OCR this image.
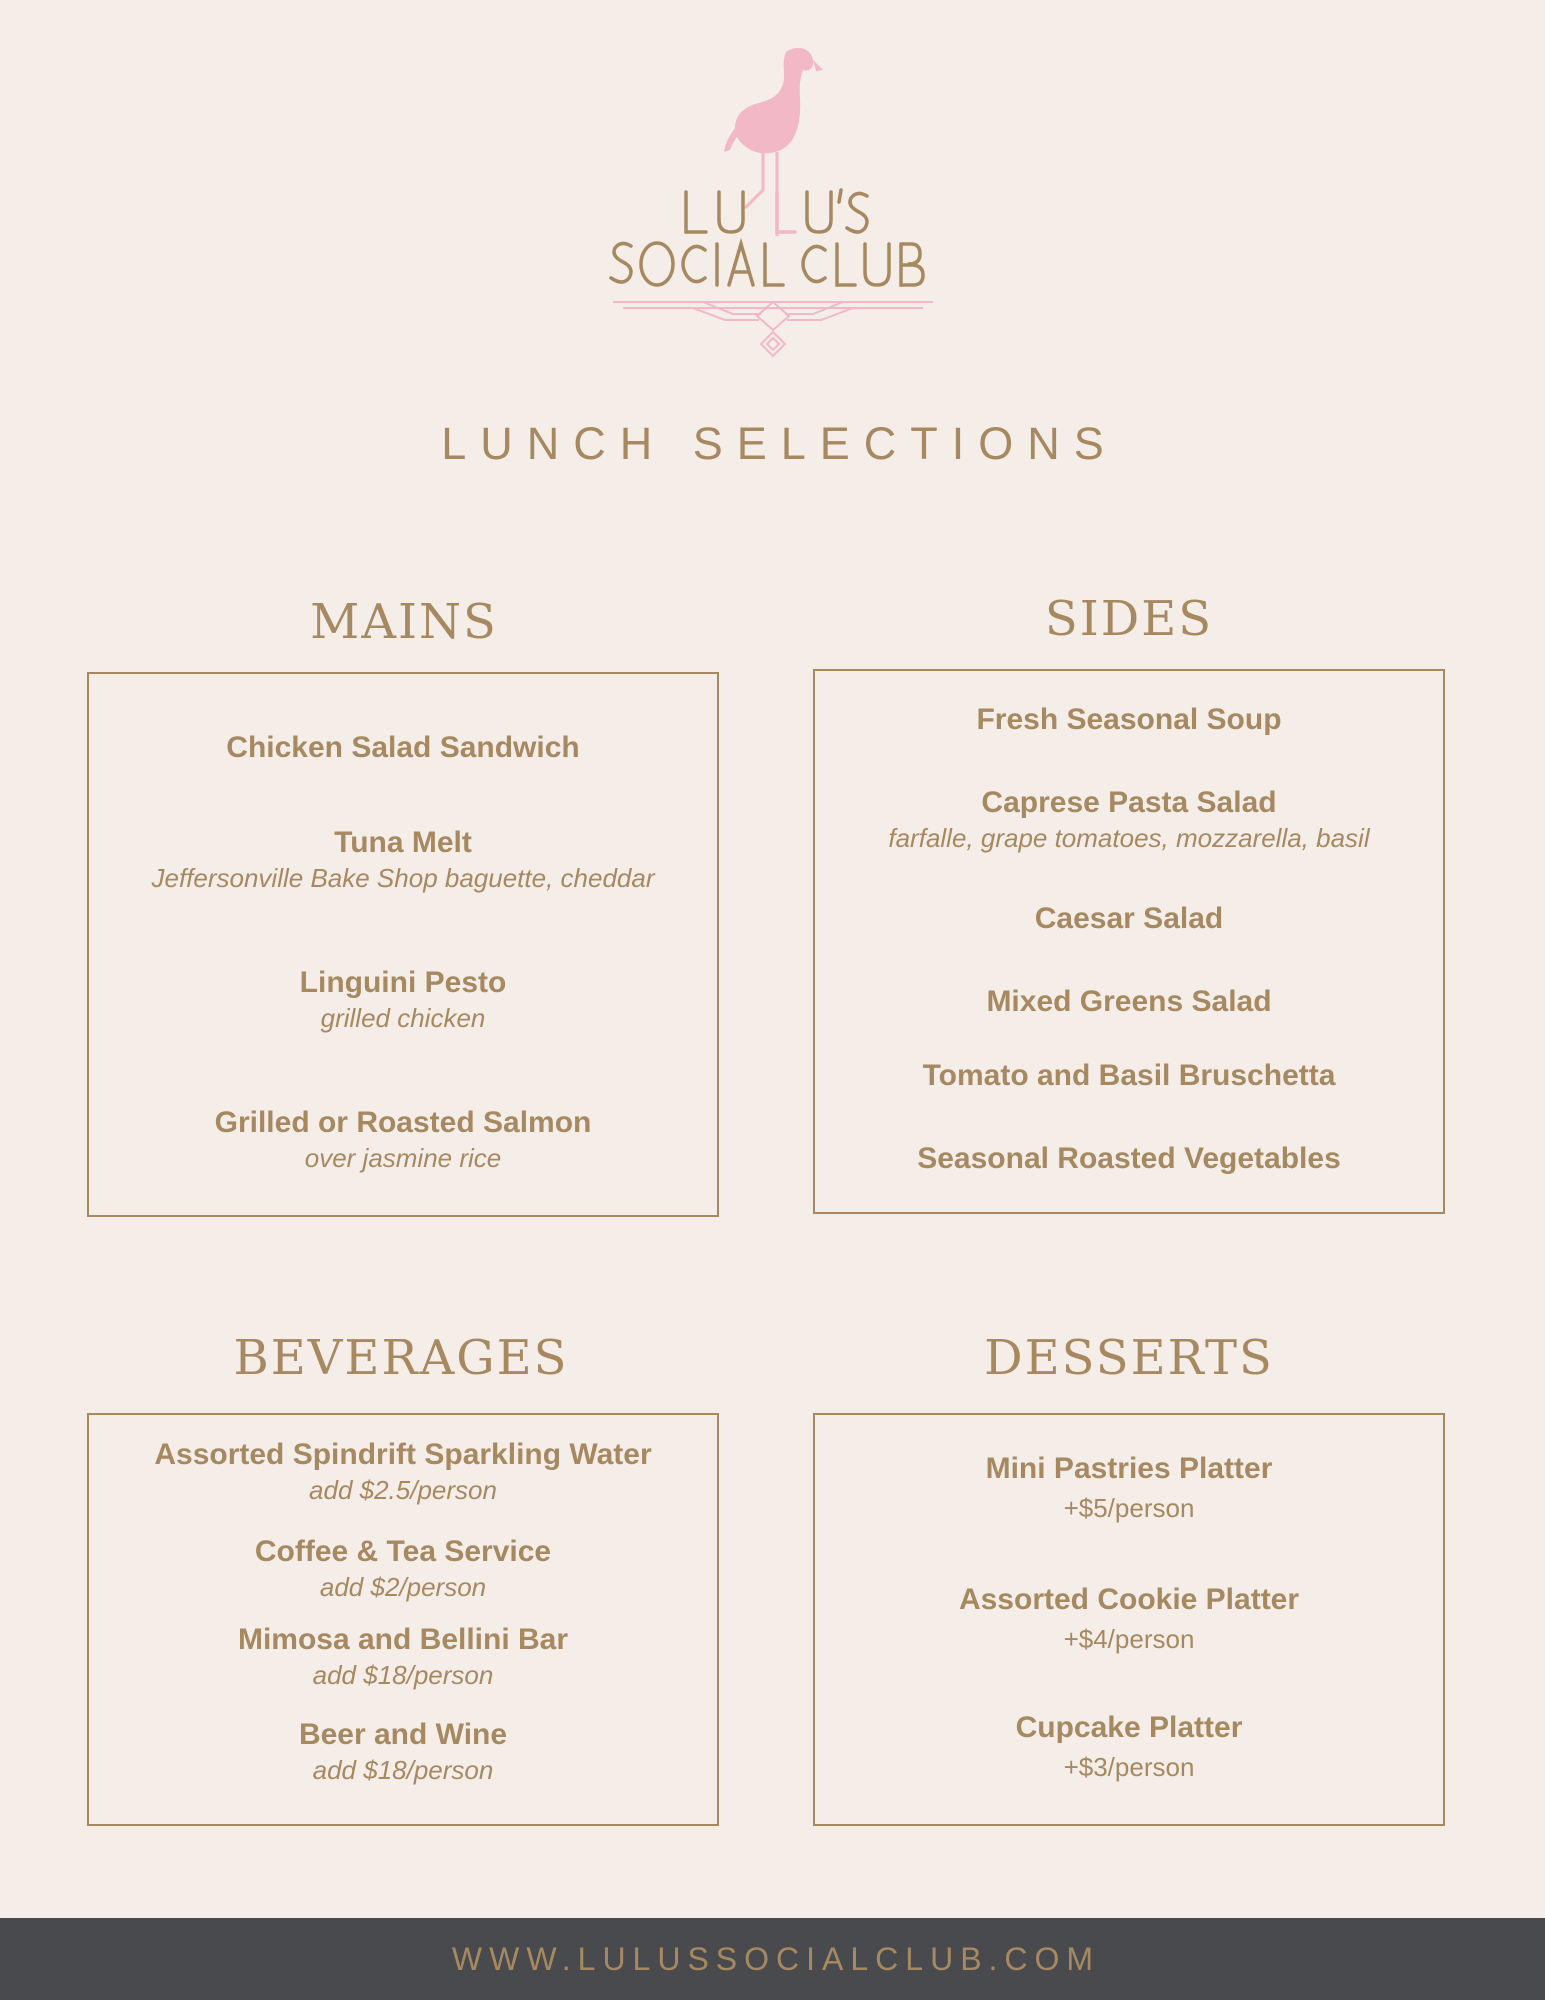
LUNCH SELECTIONS
MAINS
Chicken Salad Sandwich
Tuna Melt
Jeffersonville Bake Shop baguette, cheddar
Linguini Pesto
grilled chicken
Grilled or Roasted Salmon
over jasmine rice
SIDES
Fresh Seasonal Soup
Caprese Pasta Salad
farfalle, grape tomatoes, mozzarella, basil
Caesar Salad
Mixed Greens Salad
Tomato and Basil Bruschetta
Seasonal Roasted Vegetables
BEVERAGES
Assorted Spindrift Sparkling Water
add $2.5/person
Coffee & Tea Service
add $2/person
Mimosa and Bellini Bar
add $18/person
Beer and Wine
add $18/person
DESSERTS
Mini Pastries Platter
+$5/person
Assorted Cookie Platter
+$4/person
Cupcake Platter
+$3/person
WWW.LULUSSOCIALCLUB.COM
